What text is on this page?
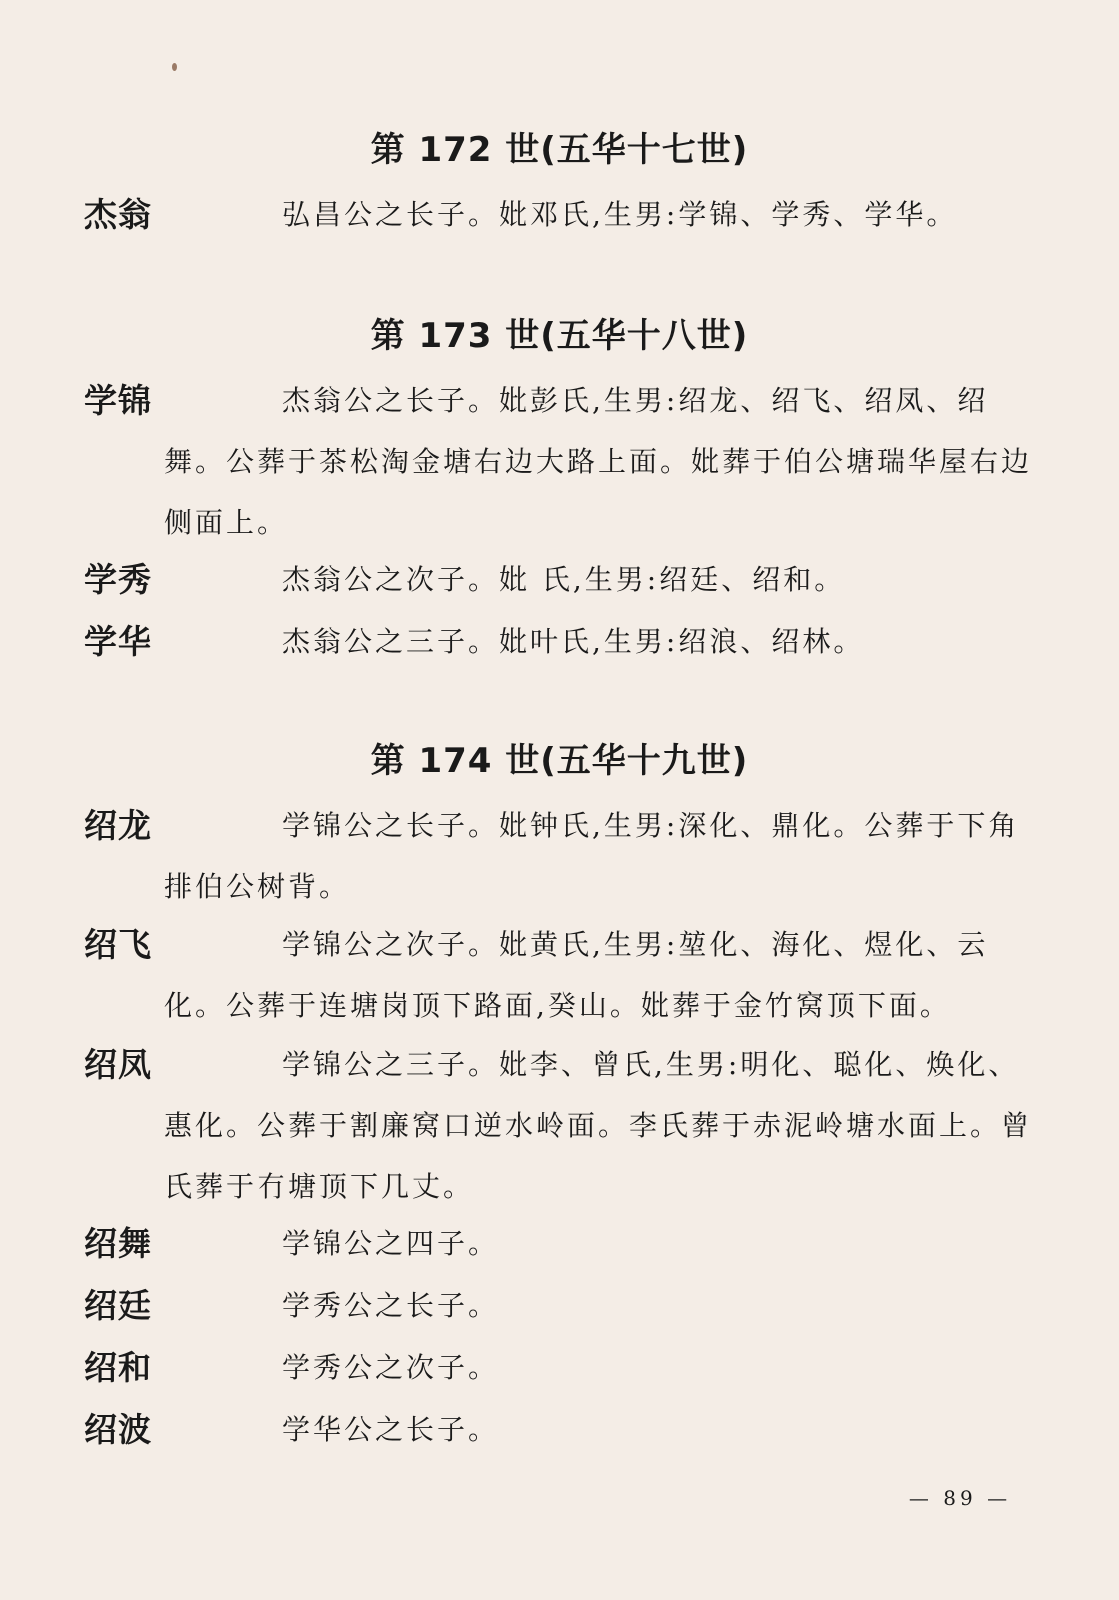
第 172 世(五华十七世)
杰翁	弘昌公之长子。妣邓氏,生男:学锦、学秀、学华。

第 173 世(五华十八世)
学锦	杰翁公之长子。妣彭氏,生男:绍龙、绍飞、绍凤、绍舞。公葬于茶松淘金塘右边大路上面。妣葬于伯公塘瑞华屋右边侧面上。

学秀	杰翁公之次子。妣 氏,生男:绍廷、绍和。

学华	杰翁公之三子。妣叶氏,生男:绍浪、绍林。

第 174 世(五华十九世)
绍龙	学锦公之长子。妣钟氏,生男:深化、鼎化。公葬于下角排伯公树背。

绍飞	学锦公之次子。妣黄氏,生男:堃化、海化、煜化、云化。公葬于连塘岗顶下路面,癸山。妣葬于金竹窝顶下面。

绍凤	学锦公之三子。妣李、曾氏,生男:明化、聪化、焕化、惠化。公葬于割廉窝口逆水岭面。李氏葬于赤泥岭塘水面上。曾氏葬于冇塘顶下几丈。

绍舞	学锦公之四子。

绍廷	学秀公之长子。

绍和	学秀公之次子。

绍波	学华公之长子。

— 89 —
